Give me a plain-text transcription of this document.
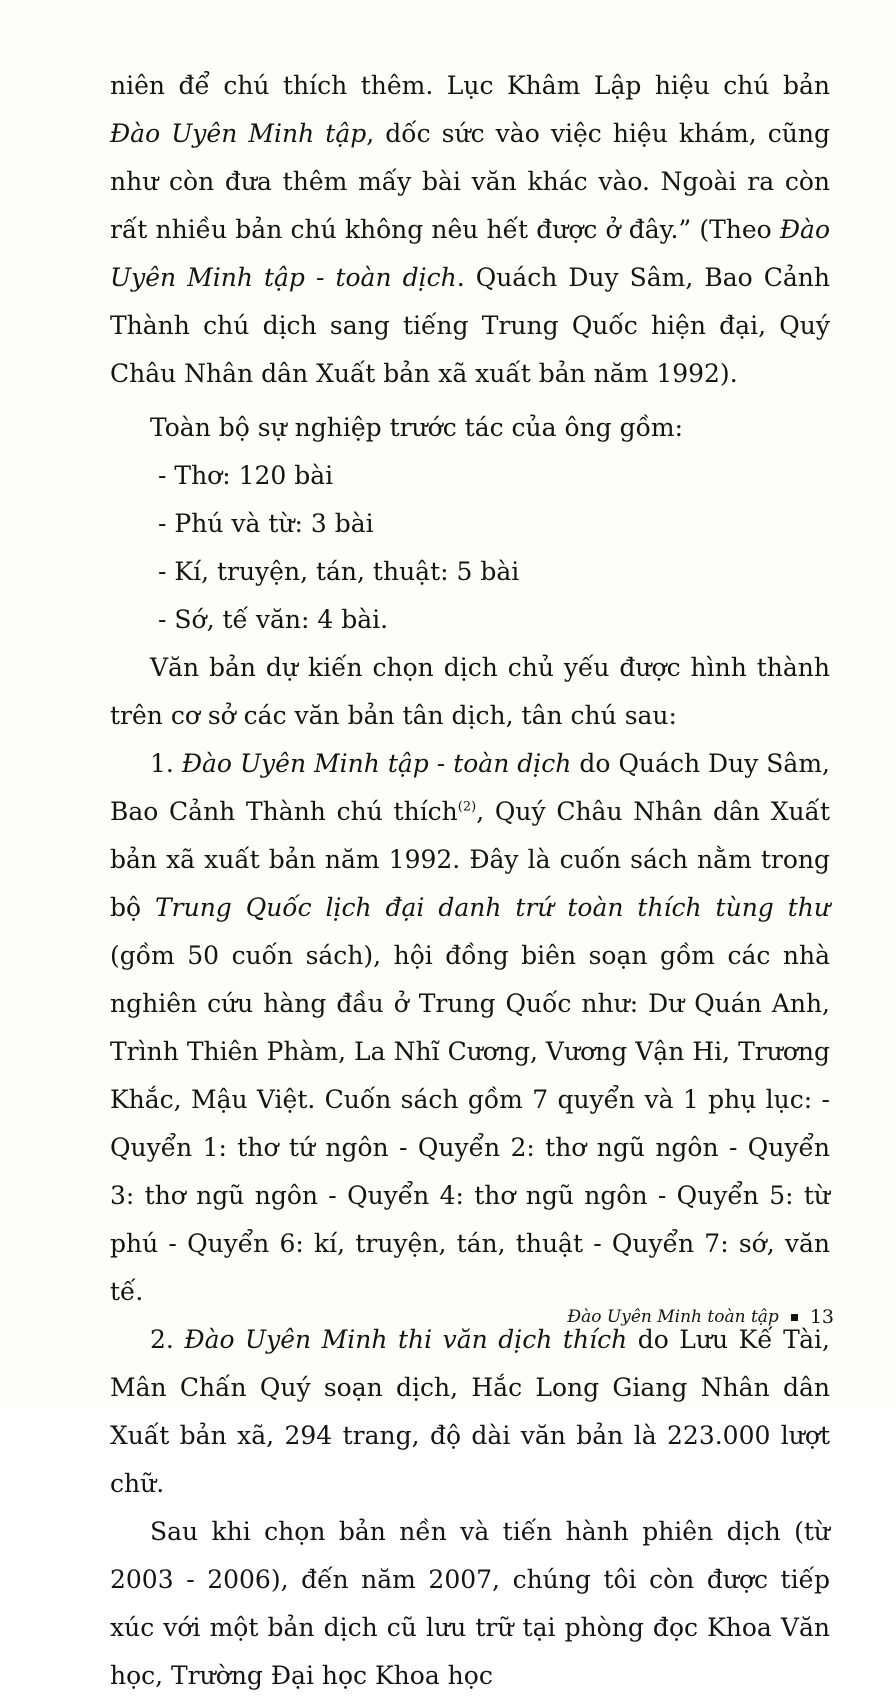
niên để chú thích thêm. Lục Khâm Lập hiệu chú bản Đào Uyên Minh tập, dốc sức vào việc hiệu khám, cũng như còn đưa thêm mấy bài văn khác vào. Ngoài ra còn rất nhiều bản chú không nêu hết được ở đây.” (Theo Đào Uyên Minh tập - toàn dịch. Quách Duy Sâm, Bao Cảnh Thành chú dịch sang tiếng Trung Quốc hiện đại, Quý Châu Nhân dân Xuất bản xã xuất bản năm 1992).

Toàn bộ sự nghiệp trước tác của ông gồm:

- Thơ: 120 bài

- Phú và từ: 3 bài

- Kí, truyện, tán, thuật: 5 bài

- Sớ, tế văn: 4 bài.

Văn bản dự kiến chọn dịch chủ yếu được hình thành trên cơ sở các văn bản tân dịch, tân chú sau:

1. Đào Uyên Minh tập - toàn dịch do Quách Duy Sâm, Bao Cảnh Thành chú thích$^{(2)}$, Quý Châu Nhân dân Xuất bản xã xuất bản năm 1992. Đây là cuốn sách nằm trong bộ Trung Quốc lịch đại danh trứ toàn thích tùng thư (gồm 50 cuốn sách), hội đồng biên soạn gồm các nhà nghiên cứu hàng đầu ở Trung Quốc như: Dư Quán Anh, Trình Thiên Phàm, La Nhĩ Cương, Vương Vận Hi, Trương Khắc, Mậu Việt. Cuốn sách gồm 7 quyển và 1 phụ lục: - Quyển 1: thơ tứ ngôn - Quyển 2: thơ ngũ ngôn - Quyển 3: thơ ngũ ngôn - Quyển 4: thơ ngũ ngôn - Quyển 5: từ phú - Quyển 6: kí, truyện, tán, thuật - Quyển 7: sớ, văn tế.

2. Đào Uyên Minh thi văn dịch thích do Lưu Kế Tài, Mân Chấn Quý soạn dịch, Hắc Long Giang Nhân dân Xuất bản xã, 294 trang, độ dài văn bản là 223.000 lượt chữ.

Sau khi chọn bản nền và tiến hành phiên dịch (từ 2003 - 2006), đến năm 2007, chúng tôi còn được tiếp xúc với một bản dịch cũ lưu trữ tại phòng đọc Khoa Văn học, Trường Đại học Khoa học

Đào Uyên Minh toàn tập 13
